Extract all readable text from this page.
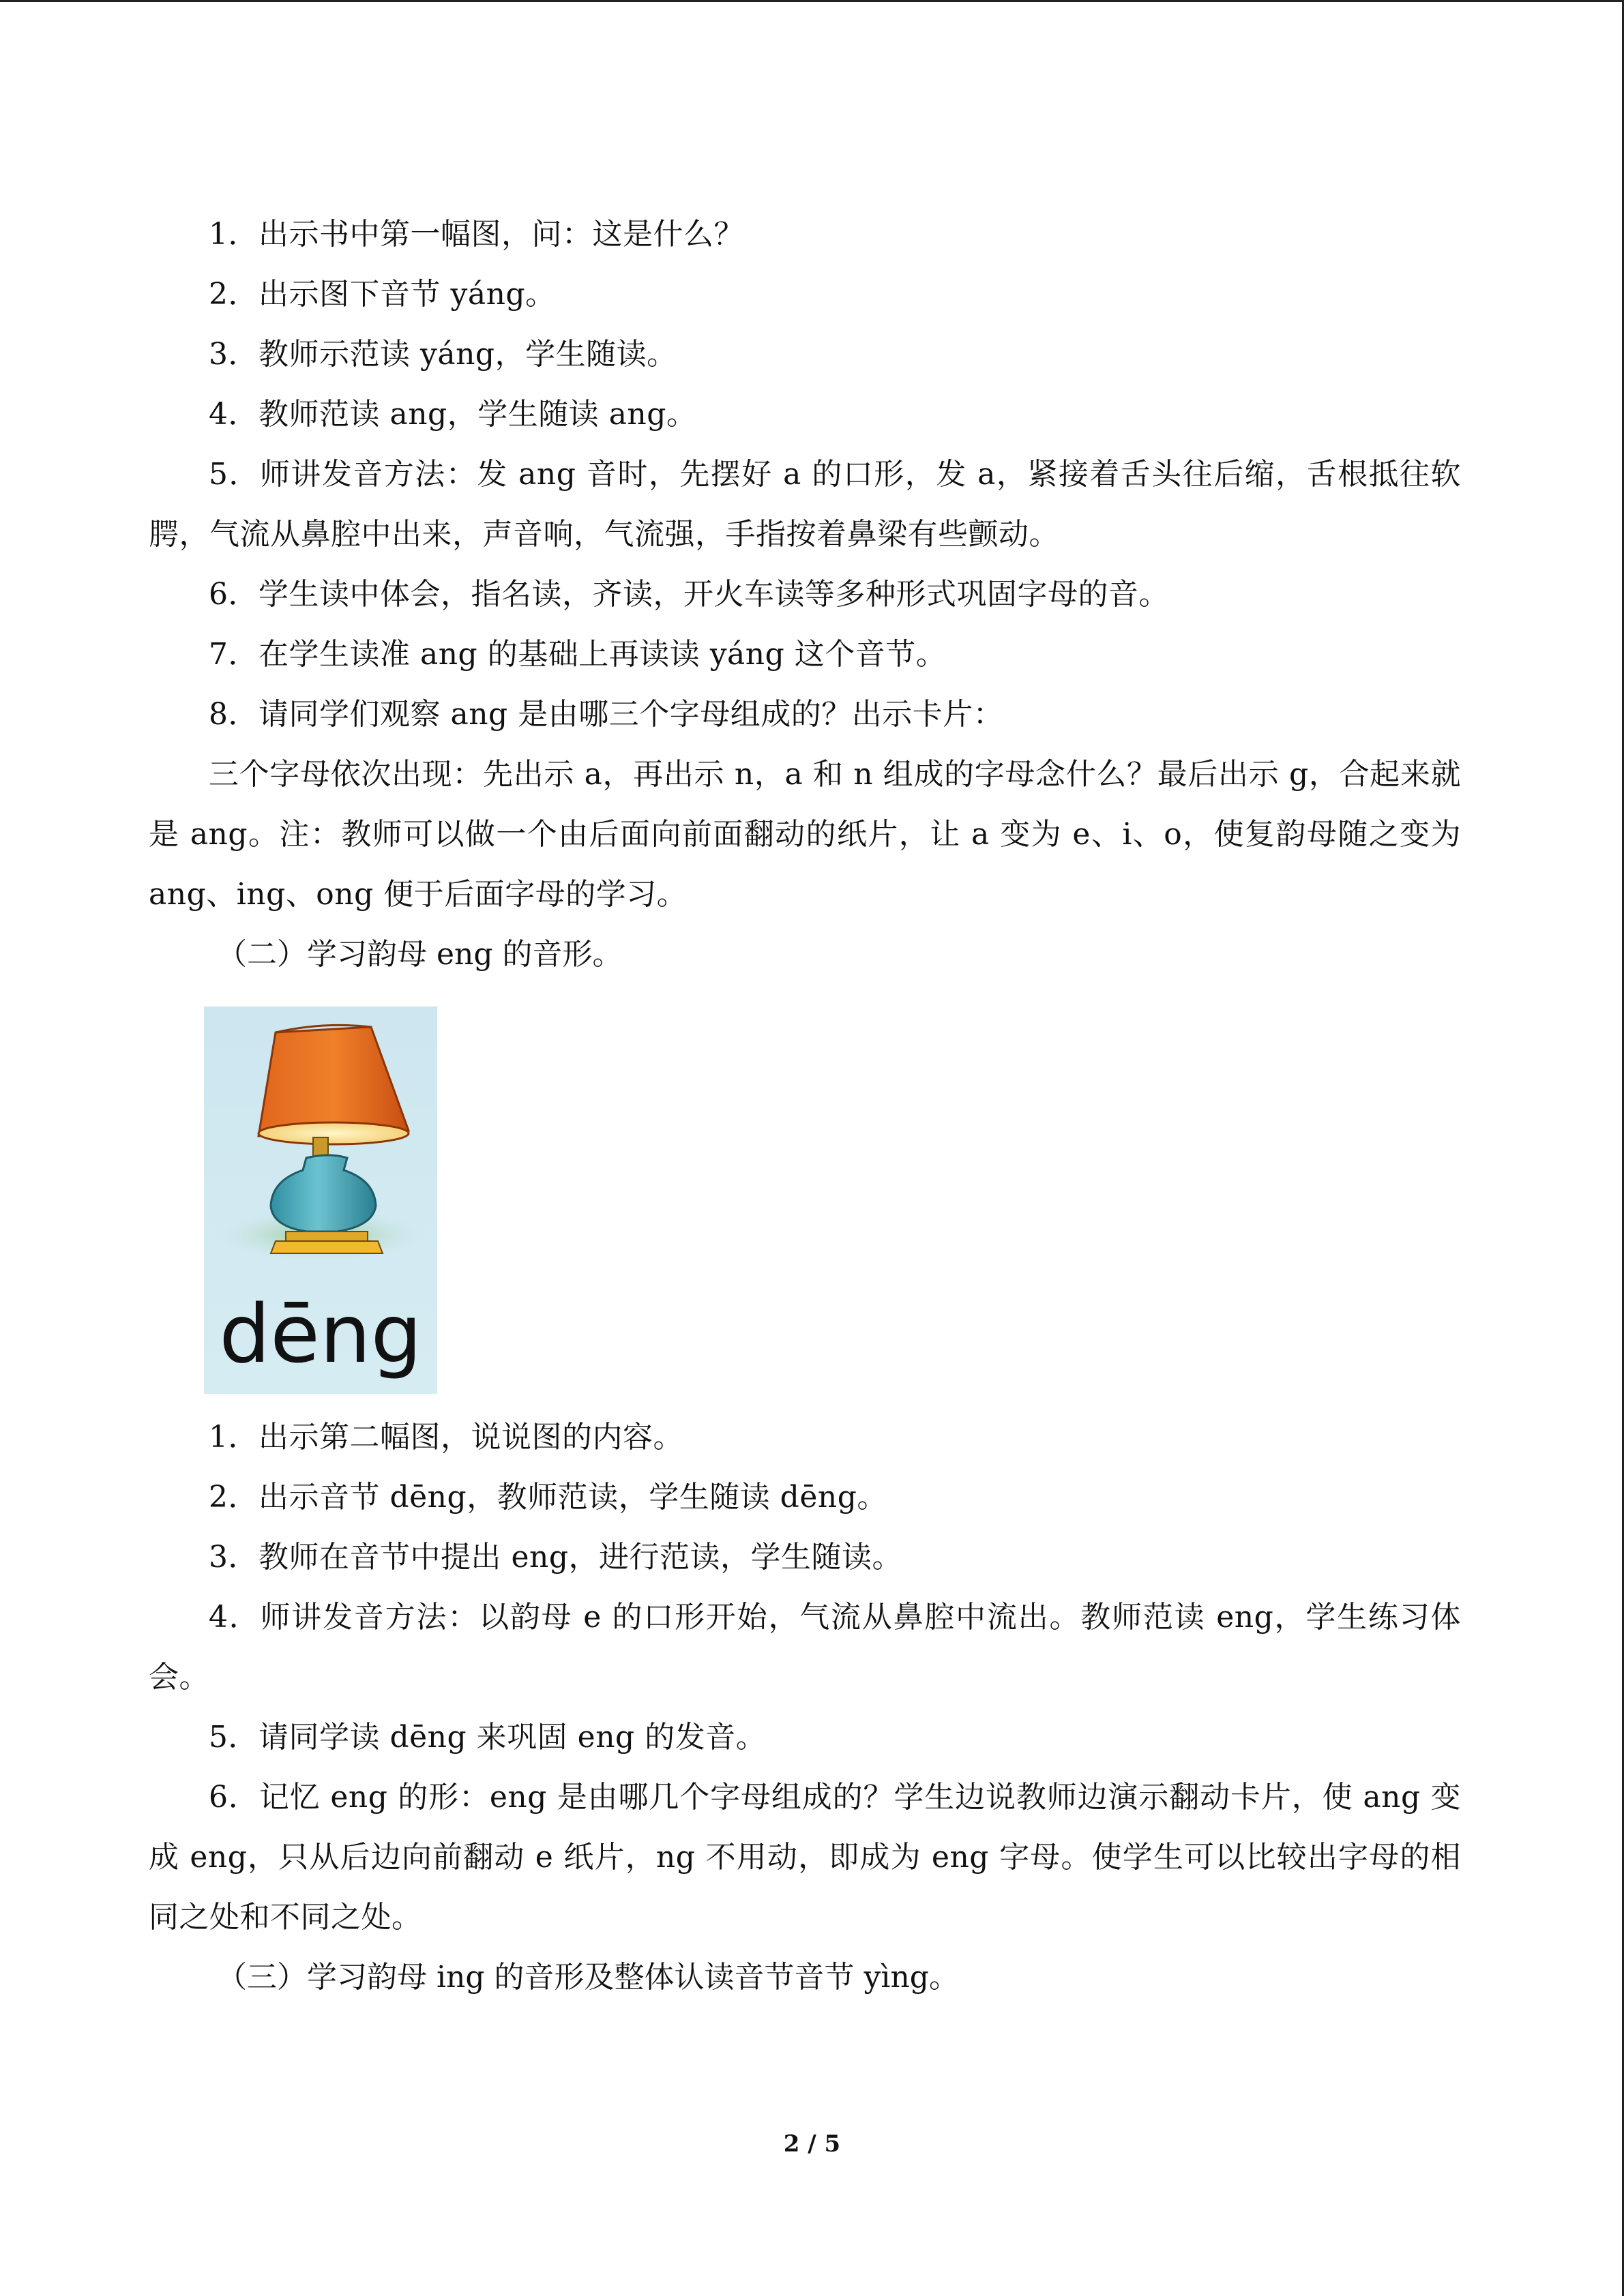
1．出示书中第一幅图，问：这是什么？

2．出示图下音节 yáng。

3．教师示范读 yáng，学生随读。

4．教师范读 ang，学生随读 ang。

5．师讲发音方法：发 ang 音时，先摆好 a 的口形，发 a，紧接着舌头往后缩，舌根抵往软腭，气流从鼻腔中出来，声音响，气流强，手指按着鼻梁有些颤动。

6．学生读中体会，指名读，齐读，开火车读等多种形式巩固字母的音。

7．在学生读准 ang 的基础上再读读 yáng 这个音节。

8．请同学们观察 ang 是由哪三个字母组成的？出示卡片：

三个字母依次出现：先出示 a，再出示 n，a 和 n 组成的字母念什么？最后出示 g，合起来就是 ang。注：教师可以做一个由后面向前面翻动的纸片，让 a 变为 e、i、o，使复韵母随之变为 ang、ing、ong 便于后面字母的学习。

（二）学习韵母 eng 的音形。

dēng

1．出示第二幅图，说说图的内容。

2．出示音节 dēng，教师范读，学生随读 dēng。

3．教师在音节中提出 eng，进行范读，学生随读。

4．师讲发音方法：以韵母 e 的口形开始，气流从鼻腔中流出。教师范读 eng，学生练习体会。

5．请同学读 dēng 来巩固 eng 的发音。

6．记忆 eng 的形：eng 是由哪几个字母组成的？学生边说教师边演示翻动卡片，使 ang 变成 eng，只从后边向前翻动 e 纸片，ng 不用动，即成为 eng 字母。使学生可以比较出字母的相同之处和不同之处。

（三）学习韵母 ing 的音形及整体认读音节音节 yìng。

2 / 5
